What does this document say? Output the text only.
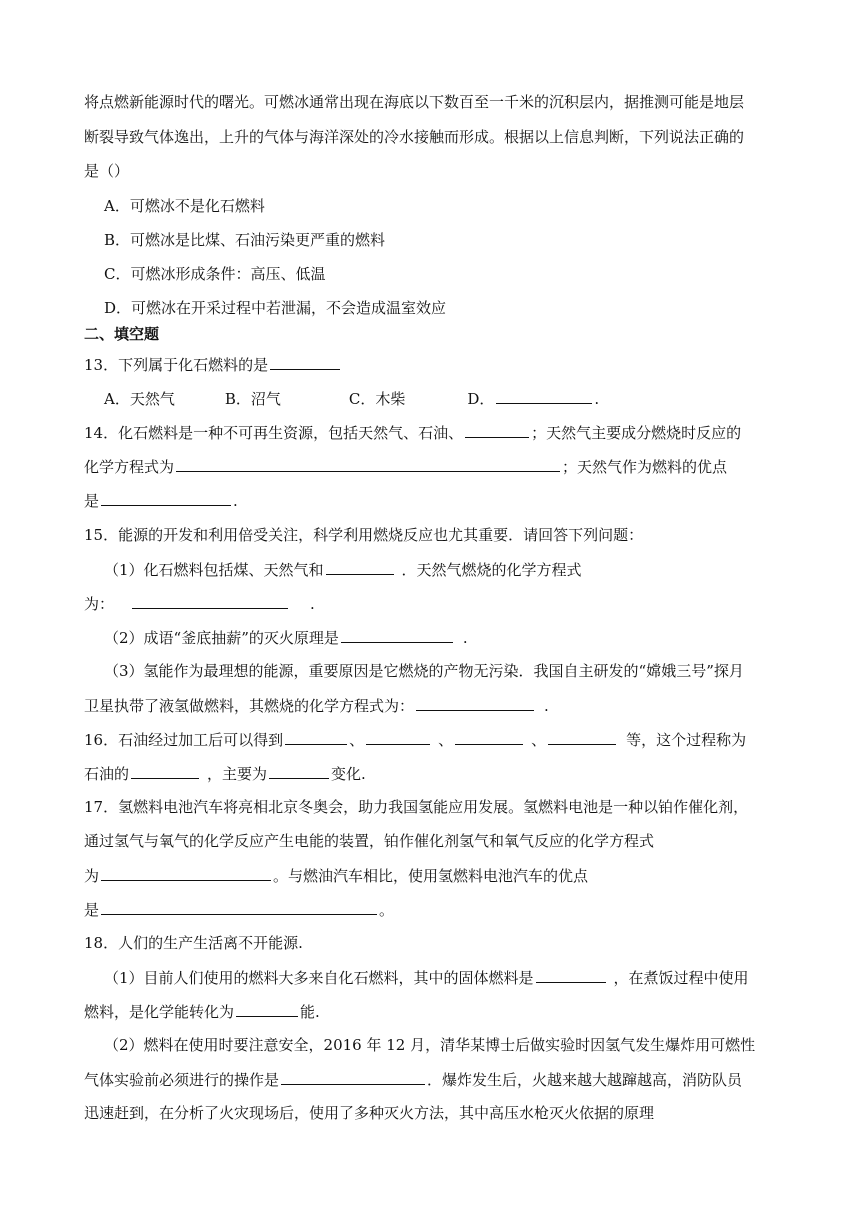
将点燃新能源时代的曙光。可燃冰通常出现在海底以下数百至一千米的沉积层内，据推测可能是地层
断裂导致气体逸出，上升的气体与海洋深处的冷水接触而形成。根据以上信息判断，下列说法正确的
是（）
A．可燃冰不是化石燃料
B．可燃冰是比煤、石油污染更严重的燃料
C．可燃冰形成条件：高压、低温
D．可燃冰在开采过程中若泄漏，不会造成温室效应
二、填空题
13．下列属于化石燃料的是
A．天然气	B．沼气	C．木柴	D．	.
14．化石燃料是一种不可再生资源，包括天然气、石油、	；天然气主要成分燃烧时反应的
化学方程式为	；天然气作为燃料的优点
是	.
15．能源的开发和利用倍受关注，科学利用燃烧反应也尤其重要．请回答下列问题：
（1）化石燃料包括煤、天然气和	．天然气燃烧的化学方程式
为：	.
（2）成语“釜底抽薪”的灭火原理是	.
（3）氢能作为最理想的能源，重要原因是它燃烧的产物无污染．我国自主研发的“嫦娥三号”探月
卫星执带了液氢做燃料，其燃烧的化学方程式为：	.
16．石油经过加工后可以得到	、	、	、	等，这个过程称为
石油的	，主要为	变化.
17．氢燃料电池汽车将亮相北京冬奥会，助力我国氢能应用发展。氢燃料电池是一种以铂作催化剂，
通过氢气与氧气的化学反应产生电能的装置，铂作催化剂氢气和氧气反应的化学方程式
为	。与燃油汽车相比，使用氢燃料电池汽车的优点
是	。
18．人们的生产生活离不开能源.
（1）目前人们使用的燃料大多来自化石燃料，其中的固体燃料是	，在煮饭过程中使用
燃料，是化学能转化为	能.
（2）燃料在使用时要注意安全，2016 年 12 月，清华某博士后做实验时因氢气发生爆炸用可燃性
气体实验前必须进行的操作是	．爆炸发生后，火越来越大越蹿越高，消防队员
迅速赶到，在分析了火灾现场后，使用了多种灭火方法，其中高压水枪灭火依据的原理
